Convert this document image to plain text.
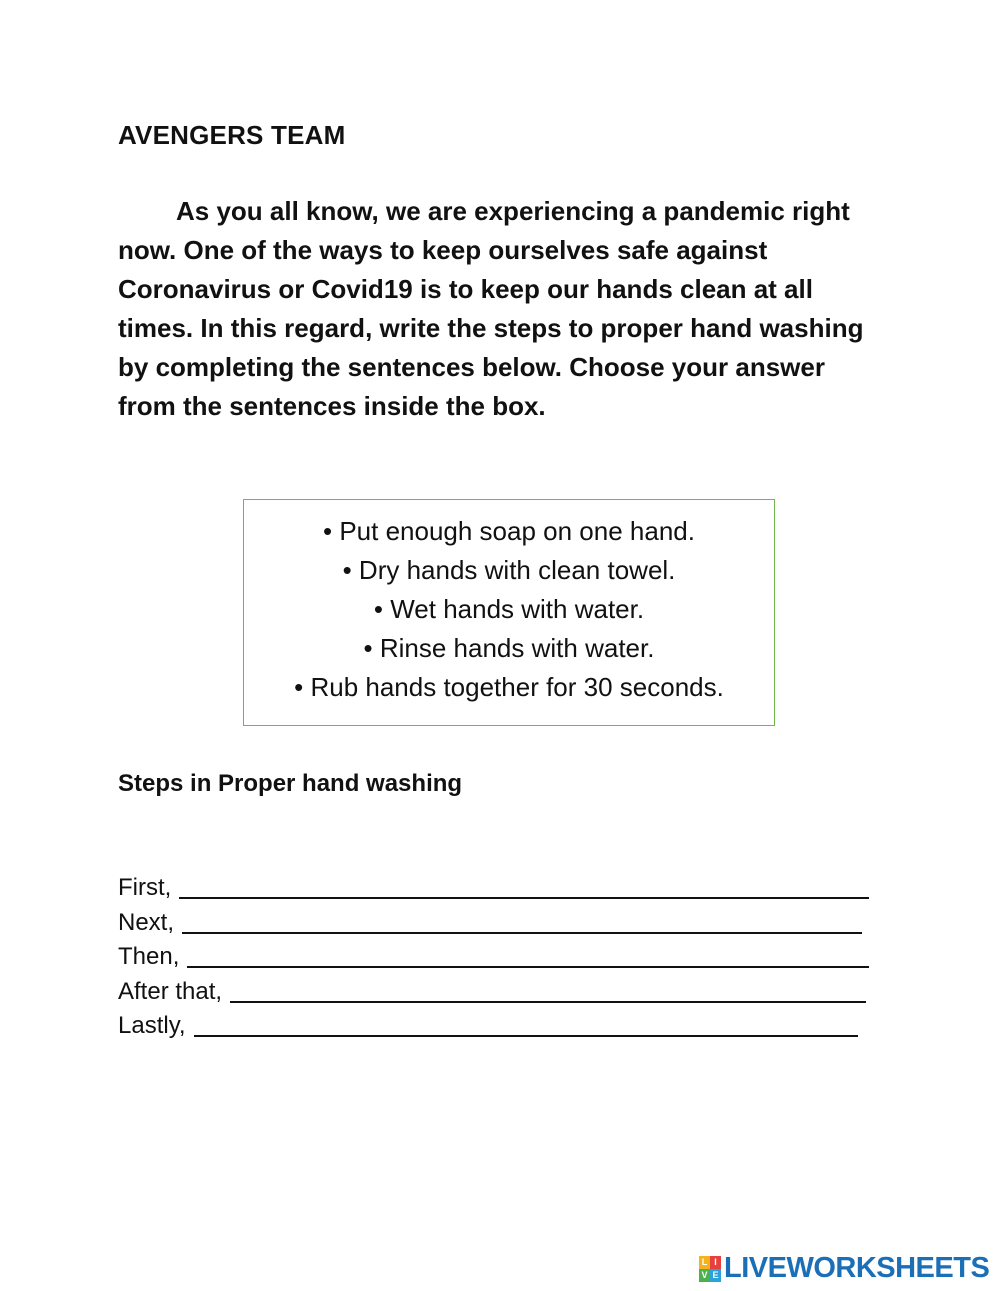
AVENGERS TEAM
As you all know, we are experiencing a pandemic right now. One of the ways to keep ourselves safe against Coronavirus or Covid19 is to keep our hands clean at all times. In this regard, write the steps to proper hand washing by completing the sentences below. Choose your answer from the sentences inside the box.
• Put enough soap on one hand.
• Dry hands with clean towel.
• Wet hands with water.
• Rinse hands with water.
• Rub hands together for 30 seconds.
Steps in Proper hand washing
First,
Next,
Then,
After that,
Lastly,
L I
V E LIVEWORKSHEETS
